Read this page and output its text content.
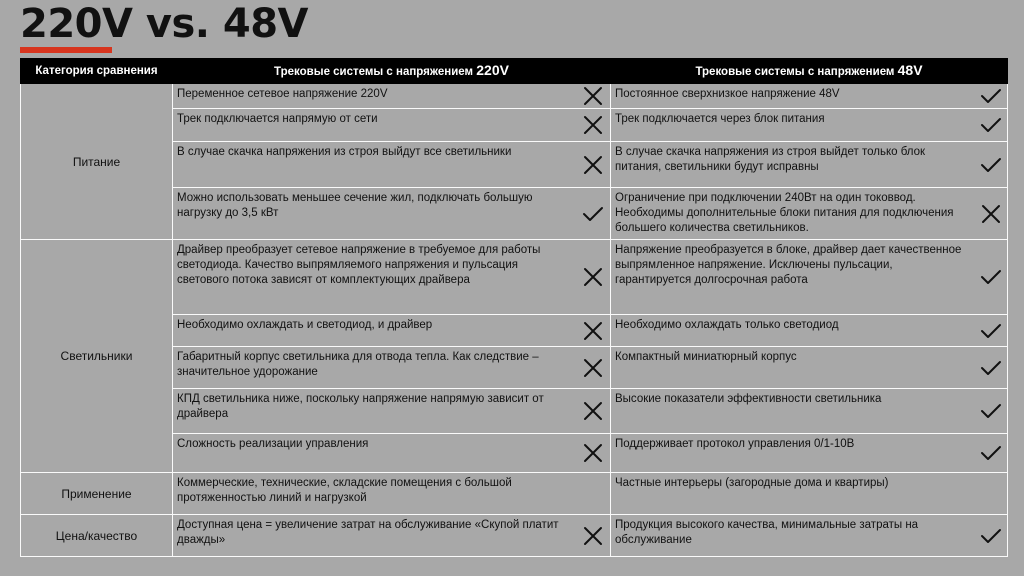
220V vs. 48V
Категория сравнения	Трековые системы с напряжением 220V		Трековые системы с напряжением 48V	
Питание	Переменное сетевое напряжение 220V		Постоянное сверхнизкое напряжение 48V	

	Трек подключается напрямую от сети		Трек подключается через блок питания	

	В случае скачка напряжения из строя выйдут все светильники		В случае скачка напряжения из строя выйдет только блок питания, светильники будут исправны	

	Можно использовать меньшее сечение жил, подключать большую нагрузку до 3,5 кВт		Ограничение при подключении 240Вт на один токоввод. Необходимы дополнительные блоки питания для подключения большего количества светильников.	

Светильники	Драйвер преобразует сетевое напряжение в требуемое для работы светодиода. Качество выпрямляемого напряжения и пульсация светового потока зависят от комплектующих драйвера		Напряжение преобразуется в блоке, драйвер дает качественное выпрямленное напряжение. Исключены пульсации, гарантируется долгосрочная работа	

	Необходимо охлаждать и светодиод, и драйвер		Необходимо охлаждать только светодиод	

	Габаритный корпус светильника для отвода тепла. Как следствие – значительное удорожание		Компактный миниатюрный корпус	

	КПД светильника ниже, поскольку напряжение напрямую зависит от драйвера		Высокие показатели эффективности светильника	

	Сложность реализации управления		Поддерживает протокол управления 0/1-10В	

Применение	Коммерческие, технические, складские помещения с большой протяженностью линий и нагрузкой		Частные интерьеры (загородные дома и квартиры)	
Цена/качество	Доступная цена = увеличение затрат на обслуживание «Скупой платит дважды»		Продукция высокого качества, минимальные затраты на обслуживание	
